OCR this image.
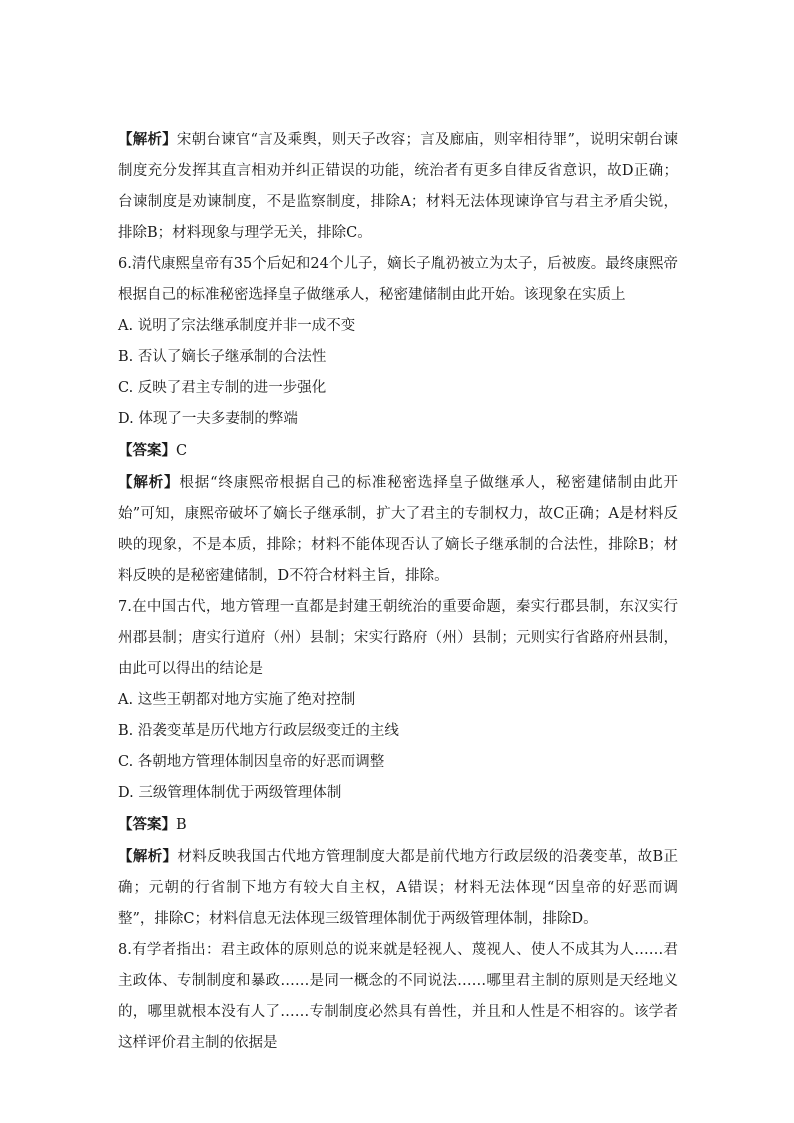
【解析】宋朝台谏官“言及乘舆，则天子改容；言及廊庙，则宰相待罪”，说明宋朝台谏制度充分发挥其直言相劝并纠正错误的功能，统治者有更多自律反省意识，故D正确；台谏制度是劝谏制度，不是监察制度，排除A；材料无法体现谏诤官与君主矛盾尖锐，排除B；材料现象与理学无关，排除C。

6.清代康熙皇帝有35个后妃和24个儿子，嫡长子胤礽被立为太子，后被废。最终康熙帝根据自己的标准秘密选择皇子做继承人，秘密建储制由此开始。该现象在实质上

A. 说明了宗法继承制度并非一成不变

B. 否认了嫡长子继承制的合法性

C. 反映了君主专制的进一步强化

D. 体现了一夫多妻制的弊端

【答案】C

【解析】根据“终康熙帝根据自己的标准秘密选择皇子做继承人，秘密建储制由此开始”可知，康熙帝破坏了嫡长子继承制，扩大了君主的专制权力，故C正确；A是材料反映的现象，不是本质，排除；材料不能体现否认了嫡长子继承制的合法性，排除B；材料反映的是秘密建储制，D不符合材料主旨，排除。

7.在中国古代，地方管理一直都是封建王朝统治的重要命题，秦实行郡县制，东汉实行州郡县制；唐实行道府（州）县制；宋实行路府（州）县制；元则实行省路府州县制，由此可以得出的结论是

A. 这些王朝都对地方实施了绝对控制

B. 沿袭变革是历代地方行政层级变迁的主线

C. 各朝地方管理体制因皇帝的好恶而调整

D. 三级管理体制优于两级管理体制

【答案】B

【解析】材料反映我国古代地方管理制度大都是前代地方行政层级的沿袭变革，故B正确；元朝的行省制下地方有较大自主权，A错误；材料无法体现“因皇帝的好恶而调整”，排除C；材料信息无法体现三级管理体制优于两级管理体制，排除D。

8.有学者指出：君主政体的原则总的说来就是轻视人、蔑视人、使人不成其为人……君主政体、专制制度和暴政……是同一概念的不同说法……哪里君主制的原则是天经地义的，哪里就根本没有人了……专制制度必然具有兽性，并且和人性是不相容的。该学者这样评价君主制的依据是
